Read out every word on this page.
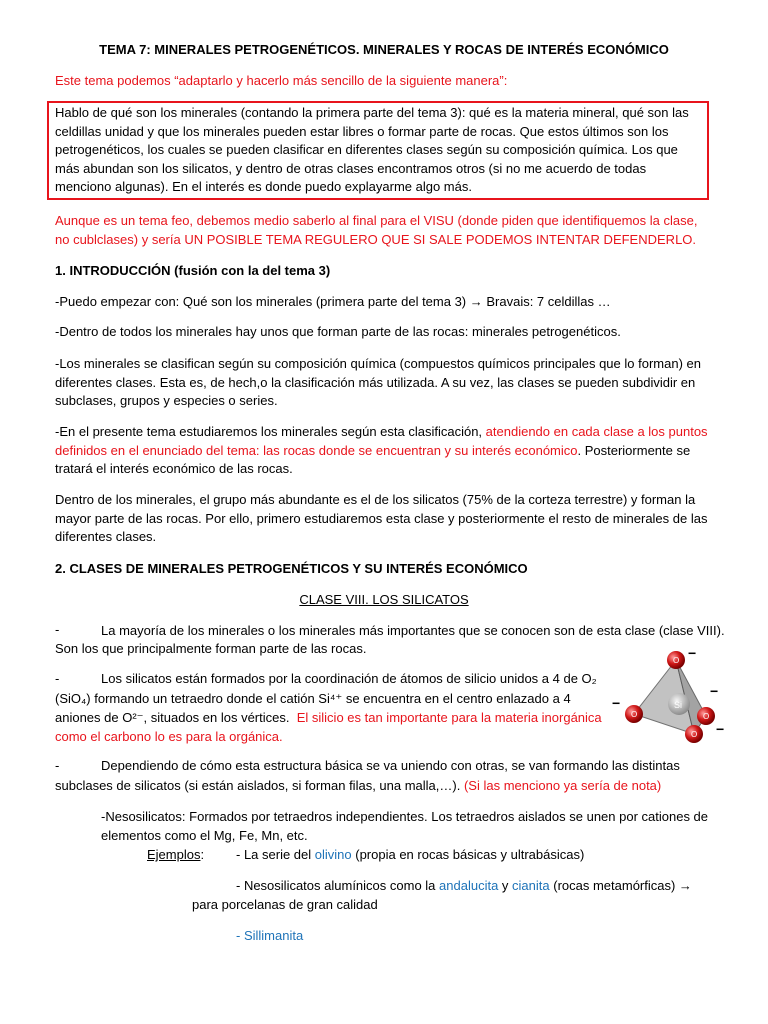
TEMA 7: MINERALES PETROGENÉTICOS. MINERALES Y ROCAS DE INTERÉS ECONÓMICO
Este tema podemos “adaptarlo y hacerlo más sencillo de la siguiente manera”:
Hablo de qué son los minerales (contando la primera parte del tema 3): qué es la materia mineral, qué son las celdillas unidad y que los minerales pueden estar libres o formar parte de rocas. Que estos últimos son los petrogenéticos, los cuales se pueden clasificar en diferentes clases según su composición química. Los que más abundan son los silicatos, y dentro de otras clases encontramos otros (si no me acuerdo de todas menciono algunas). En el interés es donde puedo explayarme algo más.
Aunque es un tema feo, debemos medio saberlo al final para el VISU (donde piden que identifiquemos la clase, no cublclases) y sería UN POSIBLE TEMA REGULERO QUE SI SALE PODEMOS INTENTAR DEFENDERLO.
1. INTRODUCCIÓN (fusión con la del tema 3)
-Puedo empezar con: Qué son los minerales (primera parte del tema 3) → Bravais: 7 celdillas …
-Dentro de todos los minerales hay unos que forman parte de las rocas: minerales petrogenéticos.
-Los minerales se clasifican según su composición química (compuestos químicos principales que lo forman) en diferentes clases. Esta es, de hech,o la clasificación más utilizada. A su vez, las clases se pueden subdividir en subclases, grupos y especies o series.
-En el presente tema estudiaremos los minerales según esta clasificación, atendiendo en cada clase a los puntos definidos en el enunciado del tema: las rocas donde se encuentran y su interés económico. Posteriormente se tratará el interés económico de las rocas.
Dentro de los minerales, el grupo más abundante es el de los silicatos (75% de la corteza terrestre) y forman la mayor parte de las rocas. Por ello, primero estudiaremos esta clase y posteriormente el resto de minerales de las diferentes clases.
2. CLASES DE MINERALES PETROGENÉTICOS Y SU INTERÉS ECONÓMICO
CLASE VIII. LOS SILICATOS
-	La mayoría de los minerales o los minerales más importantes que se conocen son de esta clase (clase VIII).
Son los que principalmente forman parte de las rocas.
-	Los silicatos están formados por la coordinación de átomos de silicio unidos a 4 de O₂
(SiO₄) formando un tetraedro donde el catión Si⁴⁺ se encuentra en el centro enlazado a 4
aniones de O²⁻, situados en los vértices. El silicio es tan importante para la materia inorgánica
como el carbono lo es para la orgánica.
Si
O
O	O
O
−
−
−
−
-	Dependiendo de cómo esta estructura básica se va uniendo con otras, se van formando las distintas
subclases de silicatos (si están aislados, si forman filas, una malla,…). (Si las menciono ya sería de nota)
-Nesosilicatos: Formados por tetraedros independientes. Los tetraedros aislados se unen por cationes de
elementos como el Mg, Fe, Mn, etc.
Ejemplos: - La serie del olivino (propia en rocas básicas y ultrabásicas)
- Nesosilicatos alumínicos como la andalucita y cianita (rocas metamórficas) →
para porcelanas de gran calidad
- Sillimanita
